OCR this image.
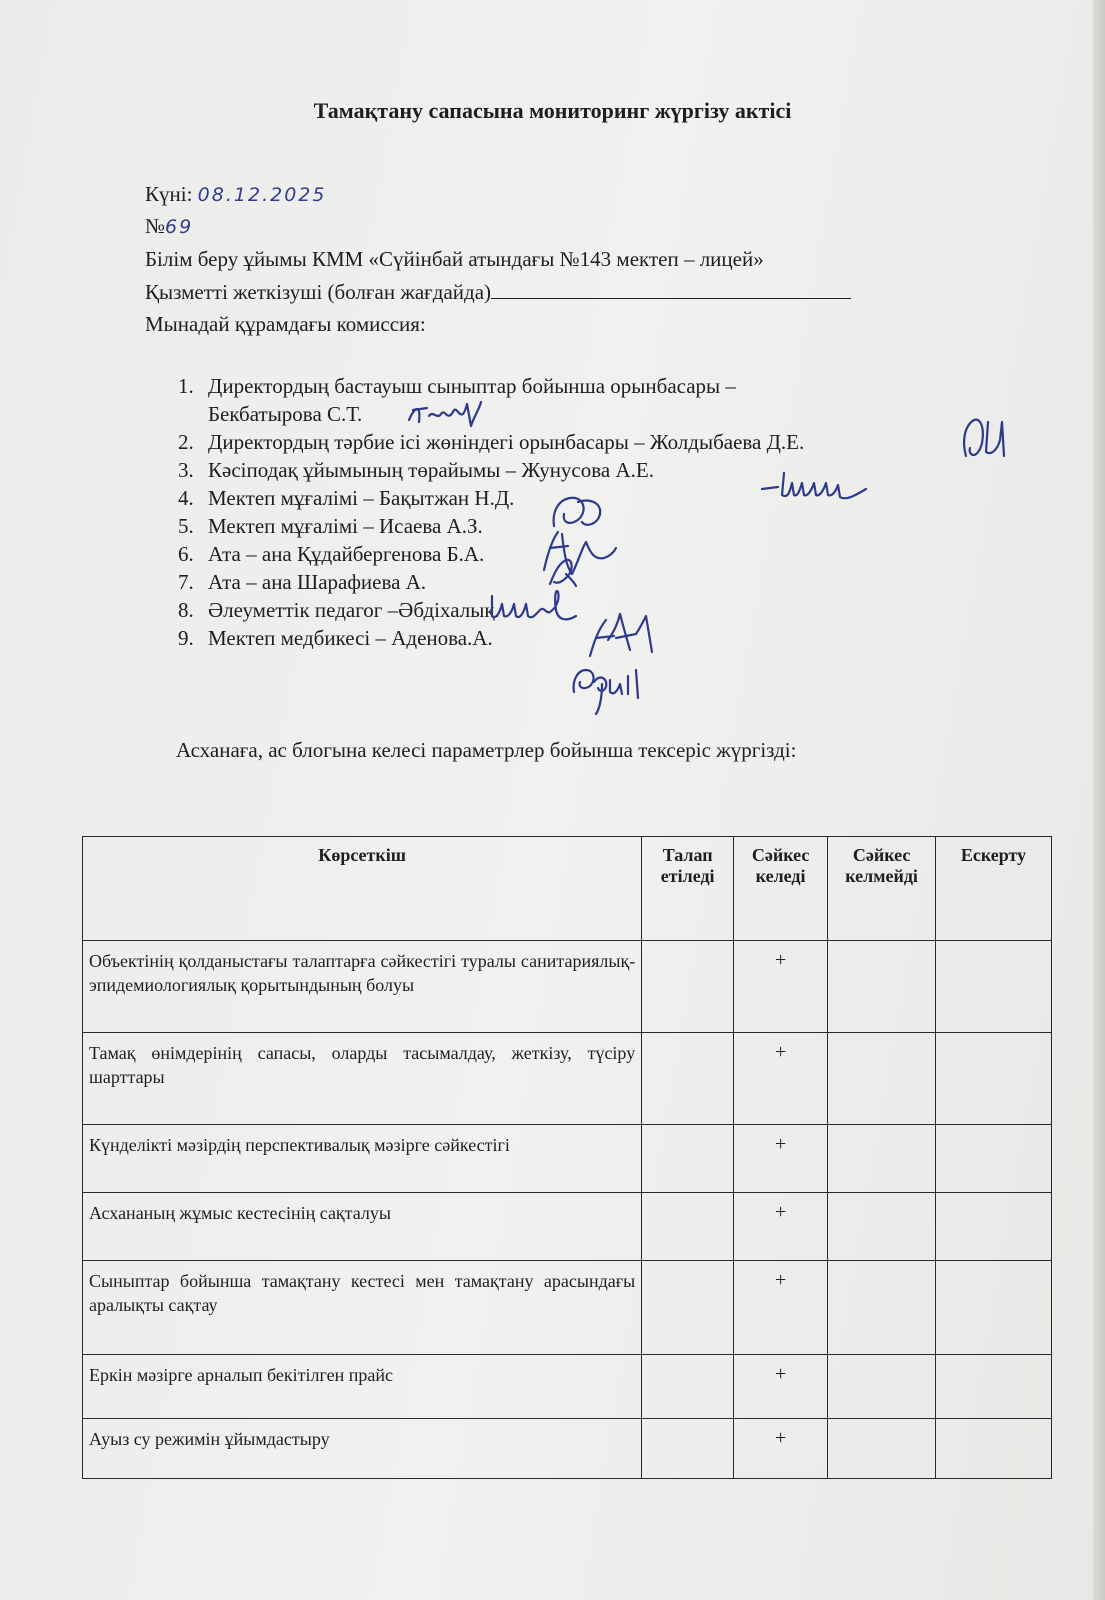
Тамақтану сапасына мониторинг жүргізу актісі
Күні: 08.12.2025
№69
Білім беру ұйымы КММ «Сүйінбай атындағы №143 мектеп – лицей»
Қызметті жеткізуші (болған жағдайда)
Мынадай құрамдағы комиссия:
1. Директордың бастауыш сыныптар бойынша орынбасары –
Бекбатырова С.Т.
2. Директордың тәрбие ісі жөніндегі орынбасары – Жолдыбаева Д.Е.
3. Кәсіподақ ұйымының төрайымы – Жунусова А.Е.
4. Мектеп мұғалімі – Бақытжан Н.Д.
5. Мектеп мұғалімі – Исаева А.З.
6. Ата – ана Құдайбергенова Б.А.
7. Ата – ана Шарафиева А.
8. Әлеуметтік педагог –Әбдіхалық.
9. Мектеп медбикесі – Аденова.А.
Асханаға, ас блогына келесі параметрлер бойынша тексеріс жүргізді:
Көрсеткіш	Талап етіледі	Сәйкес келеді	Сәйкес келмейді	Ескерту
Объектінің қолданыстағы талаптарға сәйкестігі туралы санитариялық-эпидемиологиялық қорытындының болуы		+		
Тамақ өнімдерінің сапасы, оларды тасымалдау, жеткізу, түсіру шарттары		+		
Күнделікті мәзірдің перспективалық мәзірге сәйкестігі		+		
Асхананың жұмыс кестесінің сақталуы		+		
Сыныптар бойынша тамақтану кестесі мен тамақтану арасындағы аралықты сақтау		+		
Еркін мәзірге арналып бекітілген прайс		+		
Ауыз су режимін ұйымдастыру		+		
